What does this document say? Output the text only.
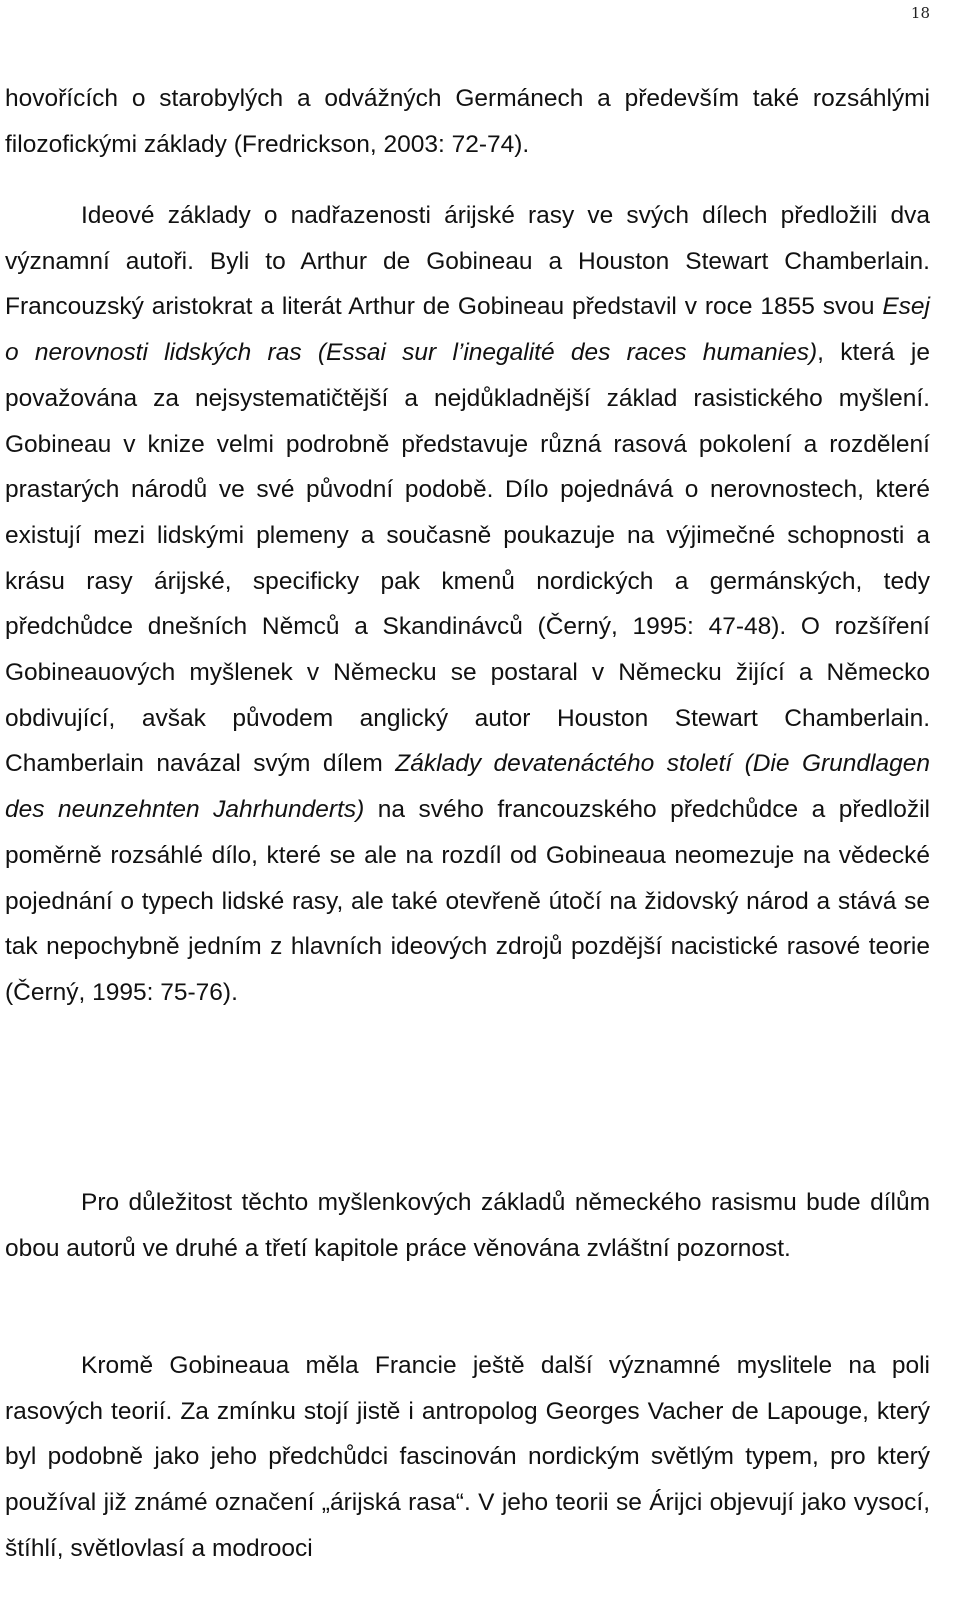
18

hovořících o starobylých a odvážných Germánech a především také rozsáhlými filozofickými základy (Fredrickson, 2003: 72-74).

Ideové základy o nadřazenosti árijské rasy ve svých dílech předložili dva významní autoři. Byli to Arthur de Gobineau a Houston Stewart Chamberlain. Francouzský aristokrat a literát Arthur de Gobineau představil v roce 1855 svou Esej o nerovnosti lidských ras (Essai sur l’inegalité des races humanies), která je považována za nejsystematičtější a nejdůkladnější základ rasistického myšlení. Gobineau v knize velmi podrobně představuje různá rasová pokolení a rozdělení prastarých národů ve své původní podobě. Dílo pojednává o nerovnostech, které existují mezi lidskými plemeny a současně poukazuje na výjimečné schopnosti a krásu rasy árijské, specificky pak kmenů nordických a germánských, tedy předchůdce dnešních Němců a Skandinávců (Černý, 1995: 47-48). O rozšíření Gobineauových myšlenek v Německu se postaral v Německu žijící a Německo obdivující, avšak původem anglický autor Houston Stewart Chamberlain. Chamberlain navázal svým dílem Základy devatenáctého století (Die Grundlagen des neunzehnten Jahrhunderts) na svého francouzského předchůdce a předložil poměrně rozsáhlé dílo, které se ale na rozdíl od Gobineaua neomezuje na vědecké pojednání o typech lidské rasy, ale také otevřeně útočí na židovský národ a stává se tak nepochybně jedním z hlavních ideových zdrojů pozdější nacistické rasové teorie (Černý, 1995: 75-76).

Pro důležitost těchto myšlenkových základů německého rasismu bude dílům obou autorů ve druhé a třetí kapitole práce věnována zvláštní pozornost.

Kromě Gobineaua měla Francie ještě další významné myslitele na poli rasových teorií. Za zmínku stojí jistě i antropolog Georges Vacher de Lapouge, který byl podobně jako jeho předchůdci fascinován nordickým světlým typem, pro který používal již známé označení „árijská rasa“. V jeho teorii se Árijci objevují jako vysocí, štíhlí, světlovlasí a modrooci
